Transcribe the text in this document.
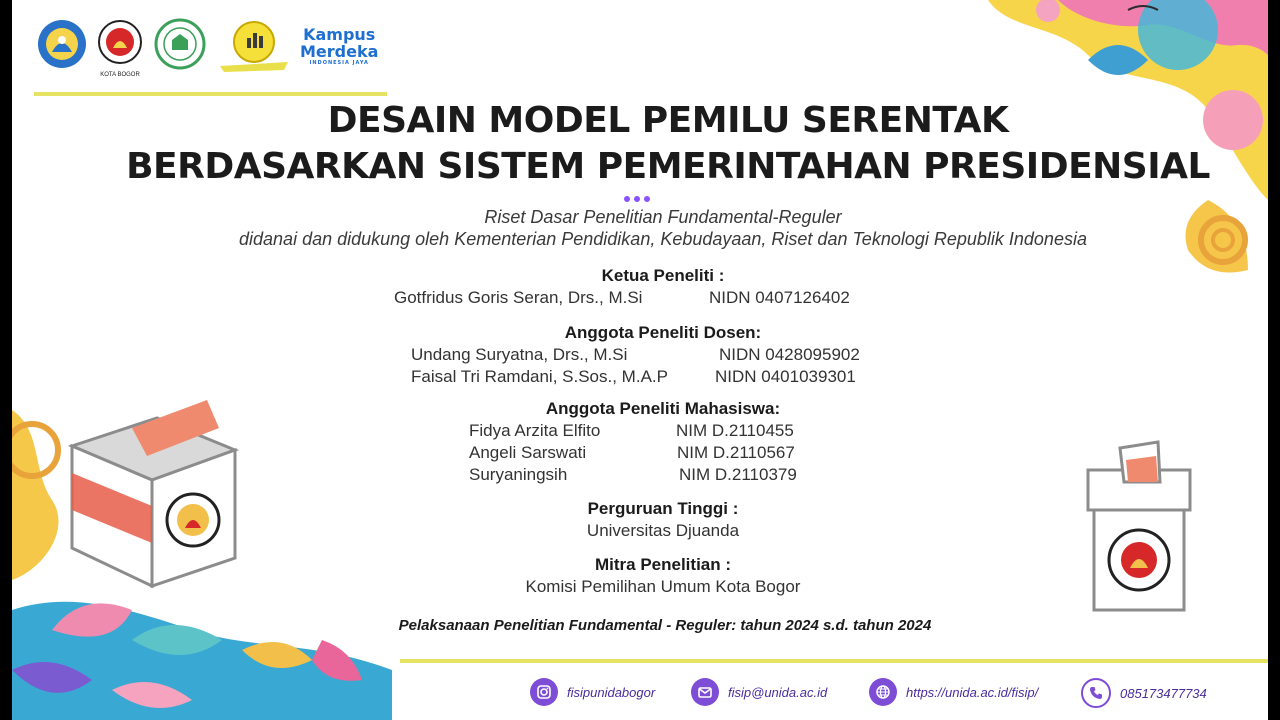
KOTA BOGOR
Kampus
Merdeka
INDONESIA JAYA
DESAIN MODEL PEMILU SERENTAK
BERDASARKAN SISTEM PEMERINTAHAN PRESIDENSIAL
Riset Dasar Penelitian Fundamental-Reguler
didanai dan didukung oleh Kementerian Pendidikan, Kebudayaan, Riset dan Teknologi Republik Indonesia
Ketua Peneliti :
Gotfridus Goris Seran, Drs., M.Si	NIDN 0407126402
Anggota Peneliti Dosen:
Undang Suryatna, Drs., M.Si	NIDN 0428095902
Faisal Tri Ramdani, S.Sos., M.A.P	NIDN 0401039301
Anggota Peneliti Mahasiswa:
Fidya Arzita Elfito	NIM D.2110455
Angeli Sarswati	NIM D.2110567
Suryaningsih	NIM D.2110379
Perguruan Tinggi :
Universitas Djuanda
Mitra Penelitian :
Komisi Pemilihan Umum Kota Bogor
Pelaksanaan Penelitian Fundamental - Reguler: tahun 2024 s.d. tahun 2024
fisipunidabogor	fisip@unida.ac.id	https://unida.ac.id/fisip/	085173477734
